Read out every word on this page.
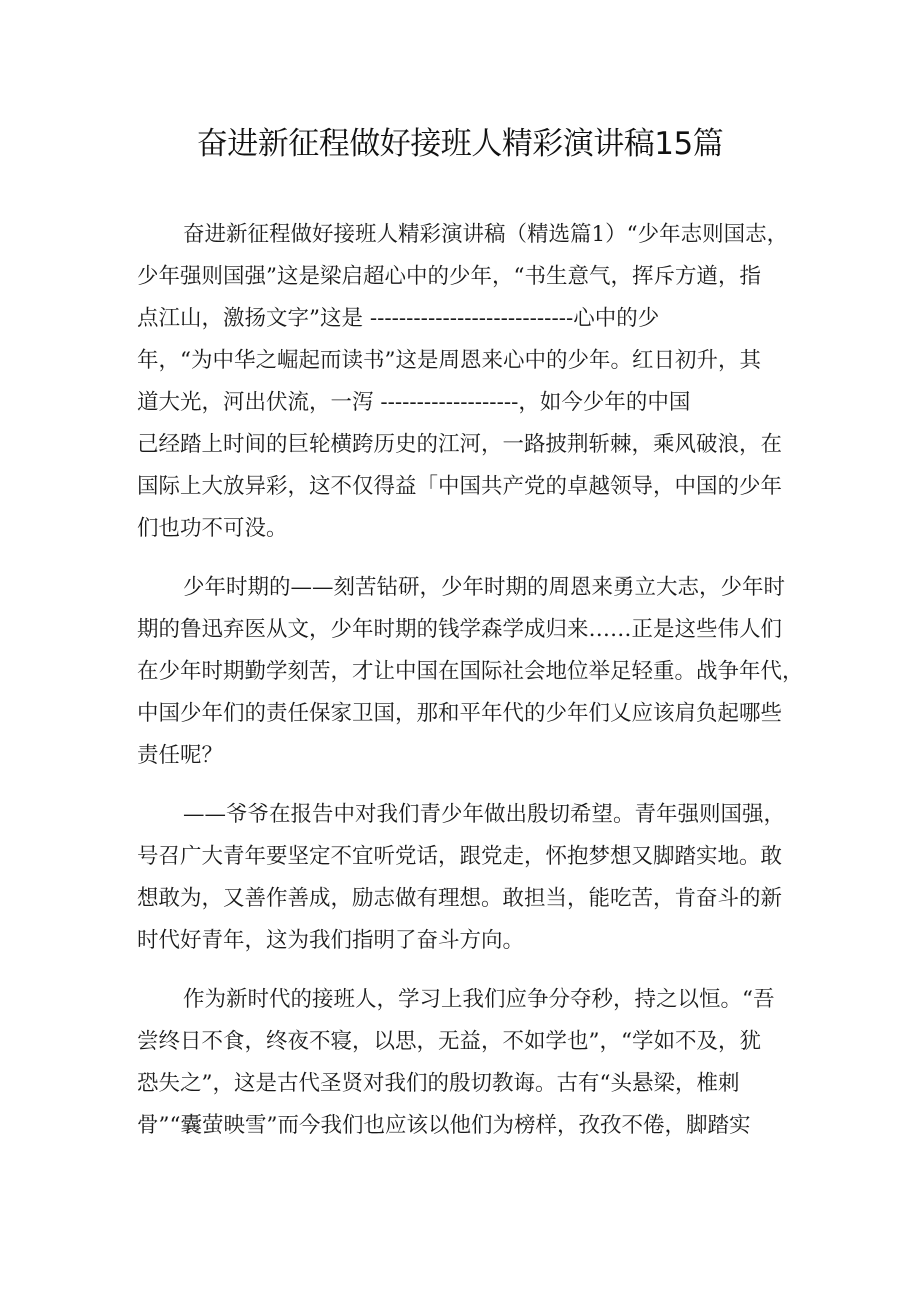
奋进新征程做好接班人精彩演讲稿15篇
奋进新征程做好接班人精彩演讲稿（精选篇1）“少年志则国志，
少年强则国强”这是梁启超心中的少年，“书生意气，挥斥方遒，指
点江山，激扬文字”这是 ----------------------------心中的少
年，“为中华之崛起而读书”这是周恩来心中的少年。红日初升，其
道大光，河出伏流，一泻 -------------------，如今少年的中国
己经踏上时间的巨轮横跨历史的江河，一路披荆斩棘，乘风破浪，在
国际上大放异彩，这不仅得益「中国共产党的卓越领导，中国的少年
们也功不可没。
少年时期的——刻苦钻研，少年时期的周恩来勇立大志，少年时
期的鲁迅弃医从文，少年时期的钱学森学成归来……正是这些伟人们
在少年时期勤学刻苦，才让中国在国际社会地位举足轻重。战争年代，
中国少年们的责任保家卫国，那和平年代的少年们乂应该肩负起哪些
责任呢？
——爷爷在报告中对我们青少年做出殷切希望。青年强则国强，
号召广大青年要坚定不宜听党话，跟党走，怀抱梦想又脚踏实地。敢
想敢为，又善作善成，励志做有理想。敢担当，能吃苦，肯奋斗的新
时代好青年，这为我们指明了奋斗方向。
作为新时代的接班人，学习上我们应争分夺秒，持之以恒。“吾
尝终日不食，终夜不寝，以思，无益，不如学也”，“学如不及，犹
恐失之”，这是古代圣贤对我们的殷切教诲。古有“头悬梁，椎刺
骨”“囊萤映雪”而今我们也应该以他们为榜样，孜孜不倦，脚踏实
